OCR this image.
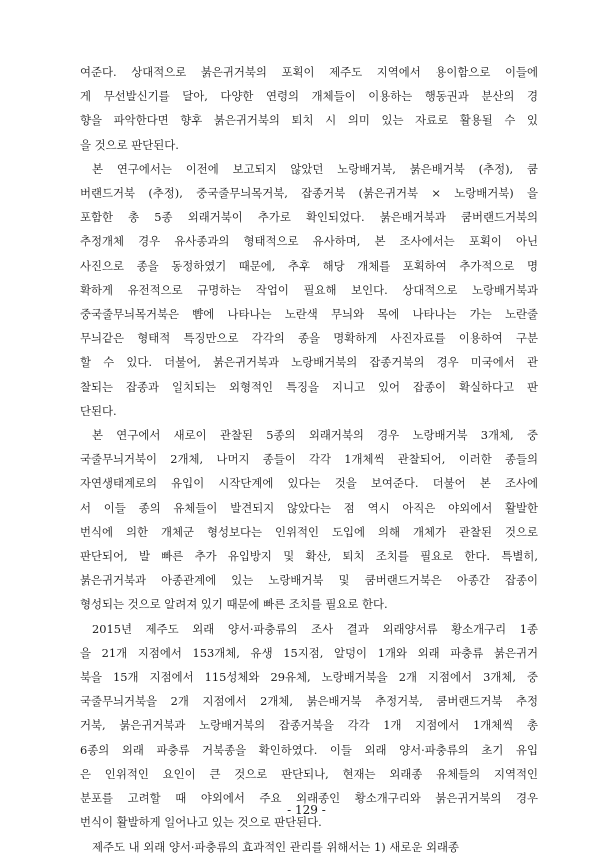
여준다. 상대적으로 붉은귀거북의 포획이 제주도 지역에서 용이함으로 이들에
게 무선발신기를 달아, 다양한 연령의 개체들이 이용하는 행동권과 분산의 경
향을 파악한다면 향후 붉은귀거북의 퇴치 시 의미 있는 자료로 활용될 수 있
을 것으로 판단된다.

본 연구에서는 이전에 보고되지 않았던 노랑배거북, 붉은배거북 (추정), 쿰
버랜드거북 (추정), 중국줄무늬목거북, 잡종거북 (붉은귀거북 × 노랑배거북) 을
포함한 총 5종 외래거북이 추가로 확인되었다. 붉은배거북과 쿰버랜드거북의
추정개체 경우 유사종과의 형태적으로 유사하며, 본 조사에서는 포획이 아닌
사진으로 종을 동정하였기 때문에, 추후 해당 개체를 포획하여 추가적으로 명
확하게 유전적으로 규명하는 작업이 필요해 보인다. 상대적으로 노랑배거북과
중국줄무늬목거북은 뺨에 나타나는 노란색 무늬와 목에 나타나는 가는 노란줄
무늬같은 형태적 특징만으로 각각의 종을 명확하게 사진자료를 이용하여 구분
할 수 있다. 더불어, 붉은귀거북과 노랑배거북의 잡종거북의 경우 미국에서 관
찰되는 잡종과 일치되는 외형적인 특징을 지니고 있어 잡종이 확실하다고 판
단된다.

본 연구에서 새로이 관찰된 5종의 외래거북의 경우 노랑배거북 3개체, 중
국줄무늬거북이 2개체, 나머지 종들이 각각 1개체씩 관찰되어, 이러한 종들의
자연생태계로의 유입이 시작단계에 있다는 것을 보여준다. 더불어 본 조사에
서 이들 종의 유체들이 발견되지 않았다는 점 역시 아직은 야외에서 활발한
번식에 의한 개체군 형성보다는 인위적인 도입에 의해 개체가 관찰된 것으로
판단되어, 발 빠른 추가 유입방지 및 확산, 퇴치 조치를 필요로 한다. 특별히,
붉은귀거북과 아종관계에 있는 노랑배거북 및 쿰버랜드거북은 아종간 잡종이
형성되는 것으로 알려져 있기 때문에 빠른 조치를 필요로 한다.

2015년 제주도 외래 양서·파충류의 조사 결과 외래양서류 황소개구리 1종
을 21개 지점에서 153개체, 유생 15지점, 알덩이 1개와 외래 파충류 붉은귀거
북을 15개 지점에서 115성체와 29유체, 노랑배거북을 2개 지점에서 3개체, 중
국줄무늬거북을 2개 지점에서 2개체, 붉은배거북 추정거북, 쿰버랜드거북 추정
거북, 붉은귀거북과 노랑배거북의 잡종거북을 각각 1개 지점에서 1개체씩 총
6종의 외래 파충류 거북종을 확인하였다. 이들 외래 양서·파충류의 초기 유입
은 인위적인 요인이 큰 것으로 판단되나, 현재는 외래종 유체들의 지역적인
분포를 고려할 때 야외에서 주요 외래종인 황소개구리와 붉은귀거북의 경우
번식이 활발하게 일어나고 있는 것으로 판단된다.

제주도 내 외래 양서·파충류의 효과적인 관리를 위해서는 1) 새로운 외래종

- 129 -
